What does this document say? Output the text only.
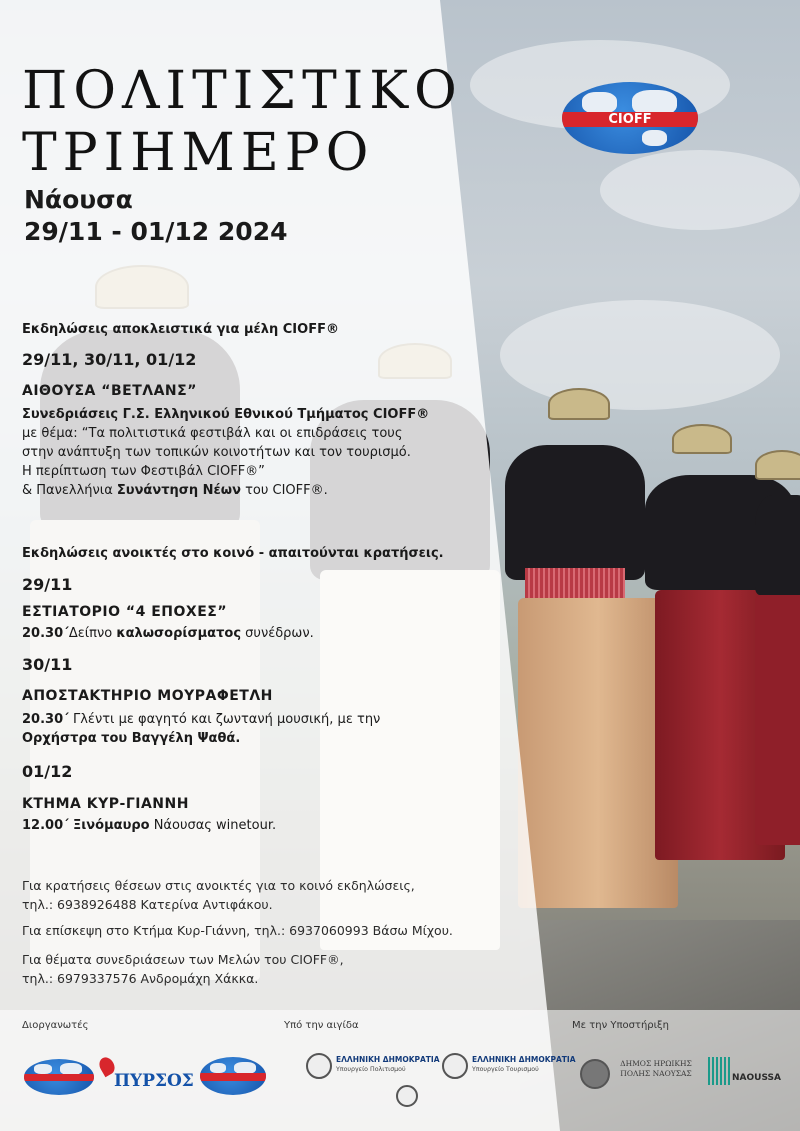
ΠΟΛΙΤΙΣΤΙΚΟ
ΤΡΙΗΜΕΡΟ
Νάουσα
29/11 - 01/12 2024
CIOFF
Εκδηλώσεις αποκλειστικά για μέλη CIOFF®
29/11, 30/11, 01/12
ΑΙΘΟΥΣΑ “ΒΕΤΛΑΝΣ”
Συνεδριάσεις Γ.Σ. Ελληνικού Εθνικού Τμήματος CIOFF®
με θέμα: “Τα πολιτιστικά φεστιβάλ και οι επιδράσεις τους
στην ανάπτυξη των τοπικών κοινοτήτων και τον τουρισμό.
Η περίπτωση των Φεστιβάλ CIOFF®”
& Πανελλήνια Συνάντηση Νέων του CIOFF®.
Εκδηλώσεις ανοικτές στο κοινό - απαιτούνται κρατήσεις.
29/11
ΕΣΤΙΑΤΟΡΙΟ “4 ΕΠΟΧΕΣ”
20.30΄Δείπνο καλωσορίσματος συνέδρων.
30/11
ΑΠΟΣΤΑΚΤΗΡΙΟ ΜΟΥΡΑΦΕΤΛΗ
20.30΄ Γλέντι με φαγητό και ζωντανή μουσική, με την
Ορχήστρα του Βαγγέλη Ψαθά.
01/12
ΚΤΗΜΑ ΚΥΡ-ΓΙΑΝΝΗ
12.00΄ Ξινόμαυρο Νάουσας winetour.
Για κρατήσεις θέσεων στις ανοικτές για το κοινό εκδηλώσεις,
τηλ.: 6938926488 Κατερίνα Αντιφάκου.
Για επίσκεψη στο Κτήμα Κυρ-Γιάννη, τηλ.: 6937060993 Βάσω Μίχου.
Για θέματα συνεδριάσεων των Μελών του CIOFF®,
τηλ.: 6979337576 Ανδρομάχη Χάκκα.
Διοργανωτές	Υπό την αιγίδα	Με την Υποστήριξη
ΠΥΡΣΟΣ
ΕΛΛΗΝΙΚΗ ΔΗΜΟΚΡΑΤΙΑ
Υπουργείο Πολιτισμού
ΕΛΛΗΝΙΚΗ ΔΗΜΟΚΡΑΤΙΑ
Υπουργείο Τουρισμού
ΔΗΜΟΣ ΗΡΩΙΚΗΣ ΠΟΛΗΣ ΝΑΟΥΣΑΣ	NAOUSSA
